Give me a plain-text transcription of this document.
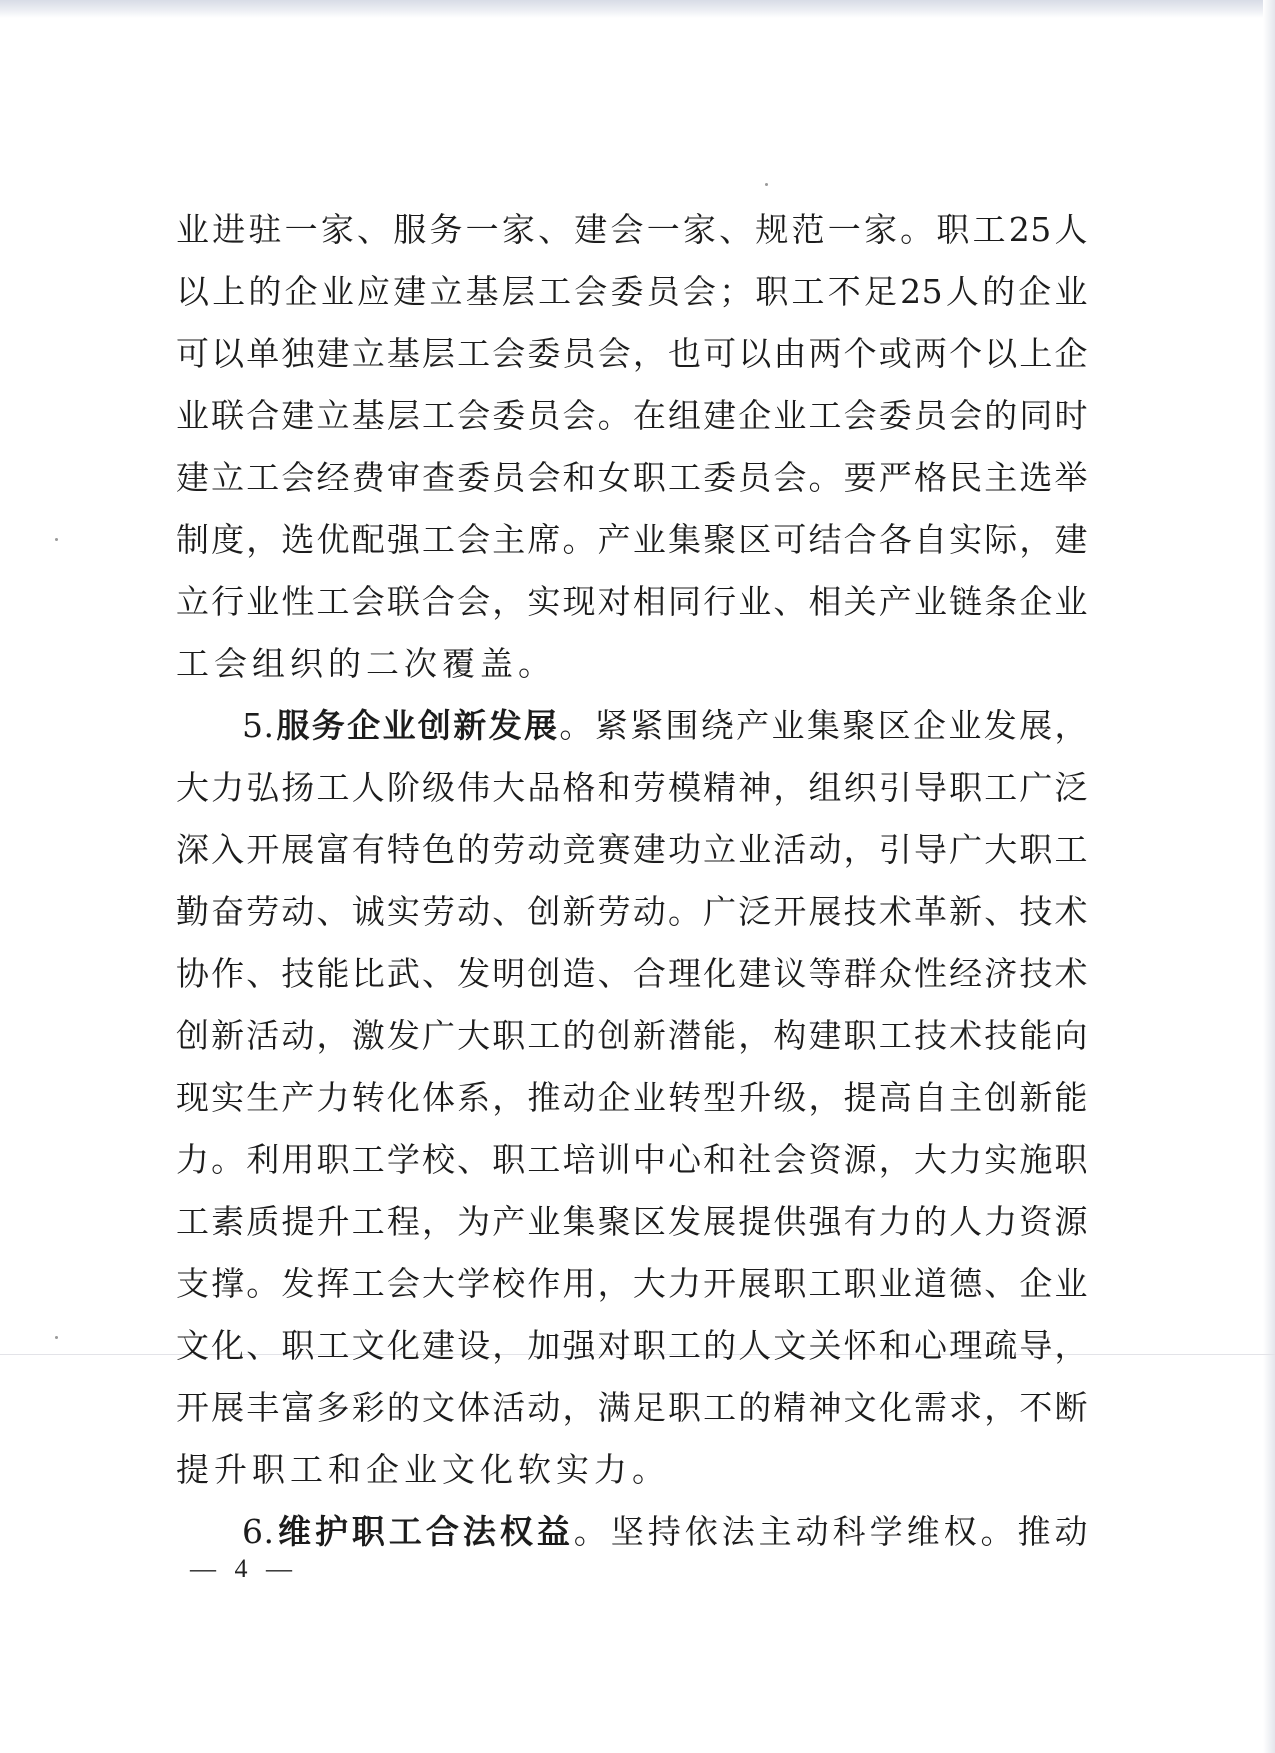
业进驻一家、服务一家、建会一家、规范一家。职工25人
以上的企业应建立基层工会委员会；职工不足25人的企业
可以单独建立基层工会委员会，也可以由两个或两个以上企
业联合建立基层工会委员会。在组建企业工会委员会的同时
建立工会经费审查委员会和女职工委员会。要严格民主选举
制度，选优配强工会主席。产业集聚区可结合各自实际，建
立行业性工会联合会，实现对相同行业、相关产业链条企业
工会组织的二次覆盖。
5.服务企业创新发展。紧紧围绕产业集聚区企业发展，
大力弘扬工人阶级伟大品格和劳模精神，组织引导职工广泛
深入开展富有特色的劳动竞赛建功立业活动，引导广大职工
勤奋劳动、诚实劳动、创新劳动。广泛开展技术革新、技术
协作、技能比武、发明创造、合理化建议等群众性经济技术
创新活动，激发广大职工的创新潜能，构建职工技术技能向
现实生产力转化体系，推动企业转型升级，提高自主创新能
力。利用职工学校、职工培训中心和社会资源，大力实施职
工素质提升工程，为产业集聚区发展提供强有力的人力资源
支撑。发挥工会大学校作用，大力开展职工职业道德、企业
文化、职工文化建设，加强对职工的人文关怀和心理疏导，
开展丰富多彩的文体活动，满足职工的精神文化需求，不断
提升职工和企业文化软实力。
6.维护职工合法权益。坚持依法主动科学维权。推动
— 4 —
